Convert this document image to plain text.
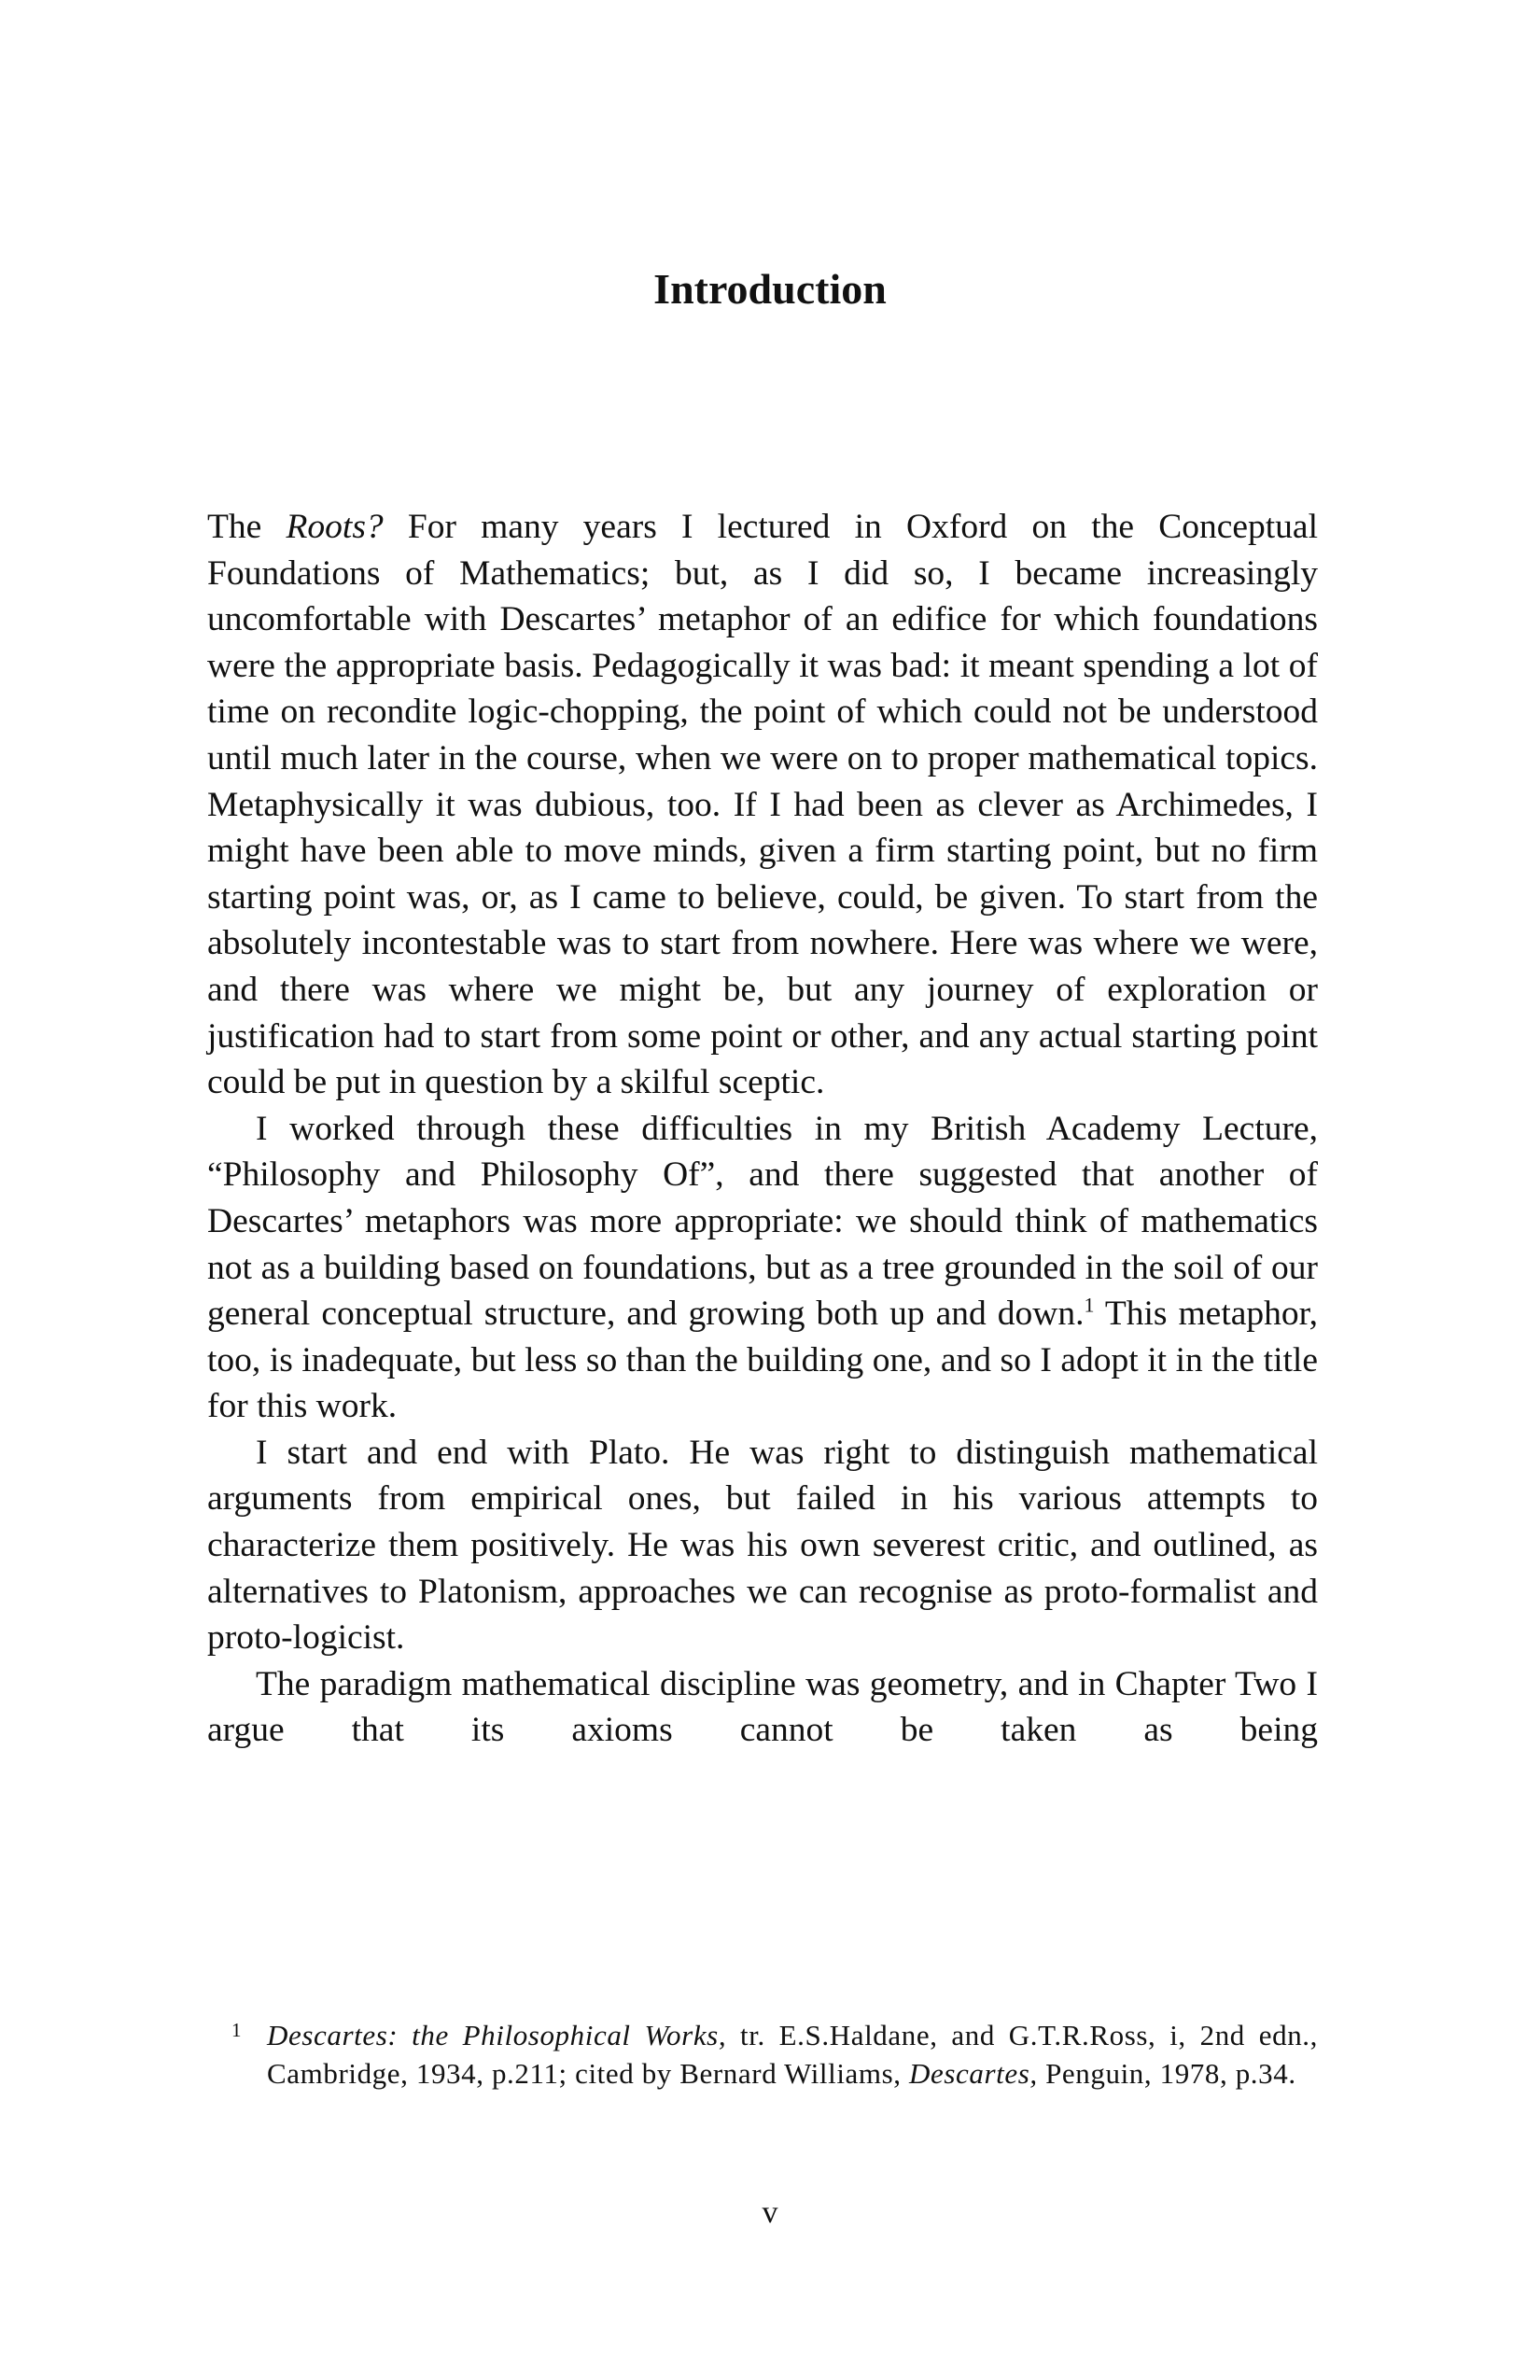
Introduction

The Roots? For many years I lectured in Oxford on the Conceptual Foundations of Mathematics; but, as I did so, I became increasingly uncomfortable with Descartes’ metaphor of an edifice for which foundations were the appropriate basis. Pedagogically it was bad: it meant spending a lot of time on recondite logic-chopping, the point of which could not be understood until much later in the course, when we were on to proper mathematical topics. Metaphysically it was dubious, too. If I had been as clever as Archimedes, I might have been able to move minds, given a firm starting point, but no firm starting point was, or, as I came to believe, could, be given. To start from the absolutely incontestable was to start from nowhere. Here was where we were, and there was where we might be, but any journey of exploration or justification had to start from some point or other, and any actual starting point could be put in question by a skilful sceptic.

I worked through these difficulties in my British Academy Lecture, “Philosophy and Philosophy Of”, and there suggested that another of Descartes’ metaphors was more appropriate: we should think of mathematics not as a building based on foundations, but as a tree grounded in the soil of our general conceptual structure, and growing both up and down.$^1$ This metaphor, too, is inadequate, but less so than the building one, and so I adopt it in the title for this work.

I start and end with Plato. He was right to distinguish mathematical arguments from empirical ones, but failed in his various attempts to characterize them positively. He was his own severest critic, and outlined, as alternatives to Platonism, approaches we can recognise as proto-formalist and proto-logicist.

The paradigm mathematical discipline was geometry, and in Chapter Two I argue that its axioms cannot be taken as being

1 Descartes: the Philosophical Works, tr. E.S.Haldane, and G.T.R.Ross, i, 2nd edn., Cambridge, 1934, p.211; cited by Bernard Williams, Descartes, Penguin, 1978, p.34.
v
